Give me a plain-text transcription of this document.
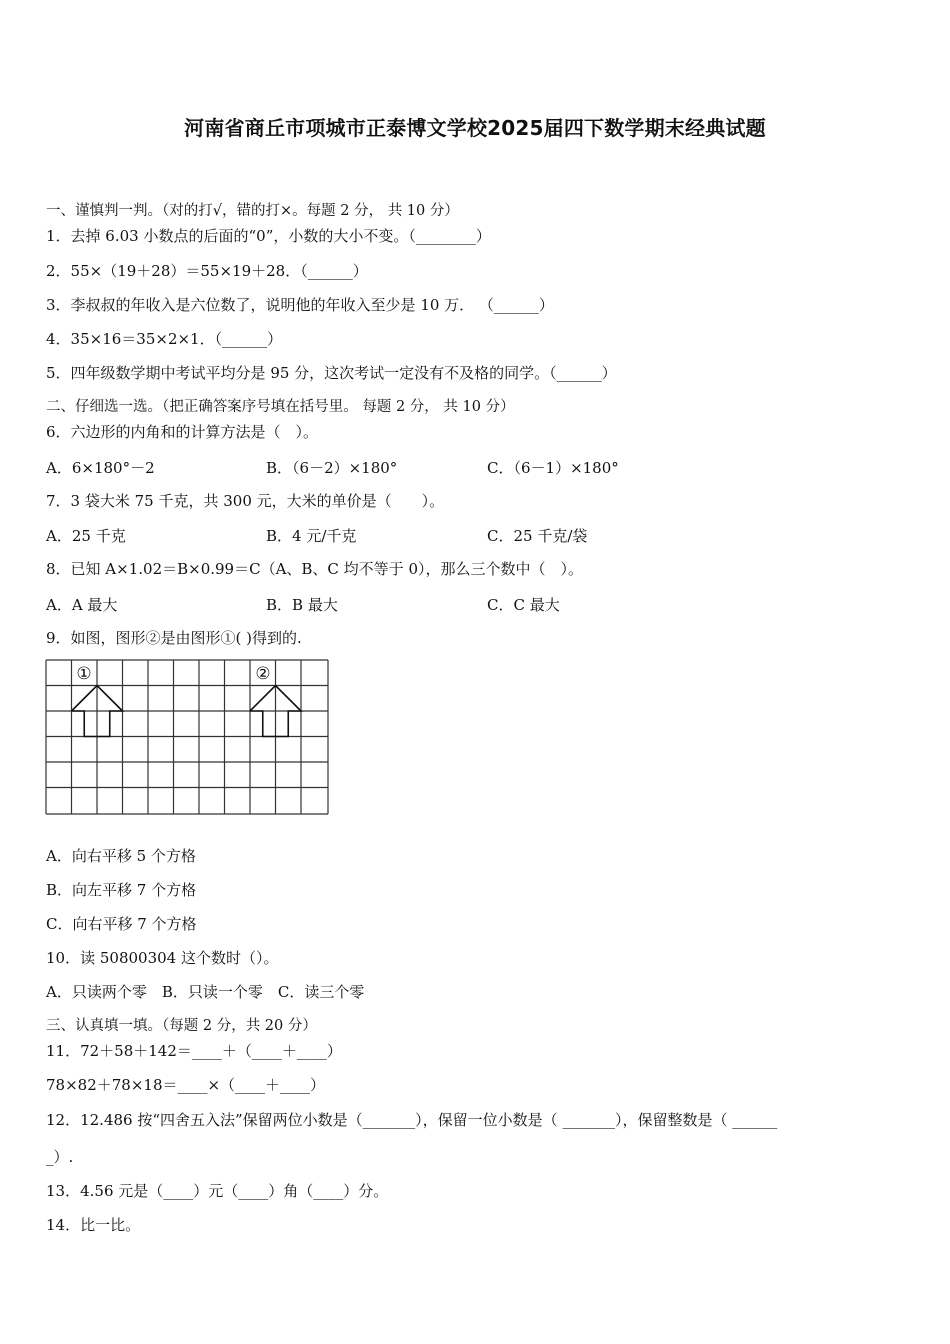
河南省商丘市项城市正泰博文学校2025届四下数学期末经典试题
一、谨慎判一判。（对的打√，错的打×。每题 2 分， 共 10 分）
1．去掉 6.03 小数点的后面的“0”，小数的大小不变。（________）
2．55×（19＋28）＝55×19＋28．（______）
3．李叔叔的年收入是六位数了，说明他的年收入至少是 10 万． （______）
4．35×16＝35×2×1．（______）
5．四年级数学期中考试平均分是 95 分，这次考试一定没有不及格的同学。（______）
二、仔细选一选。（把正确答案序号填在括号里。 每题 2 分， 共 10 分）
6．六边形的内角和的计算方法是（　）。
A．6×180°－2	B．（6－2）×180°	C．（6－1）×180°
7．3 袋大米 75 千克，共 300 元，大米的单价是（　　）。
A．25 千克	B．4 元/千克	C．25 千克/袋
8．已知 A×1.02＝B×0.99＝C（A、B、C 均不等于 0），那么三个数中（　）。
A．A 最大	B．B 最大	C．C 最大
9．如图，图形②是由图形①( )得到的.
①	②
A．向右平移 5 个方格
B．向左平移 7 个方格
C．向右平移 7 个方格
10．读 50800304 这个数时（）。
A．只读两个零　B．只读一个零　C．读三个零
三、认真填一填。（每题 2 分，共 20 分）
11．72＋58＋142＝____＋（____＋____）
78×82＋78×18＝____×（____＋____）
12．12.486 按“四舍五入法”保留两位小数是（_______），保留一位小数是（ _______），保留整数是（ ______
_）.
13．4.56 元是（____）元（____）角（____）分。
14．比一比。
